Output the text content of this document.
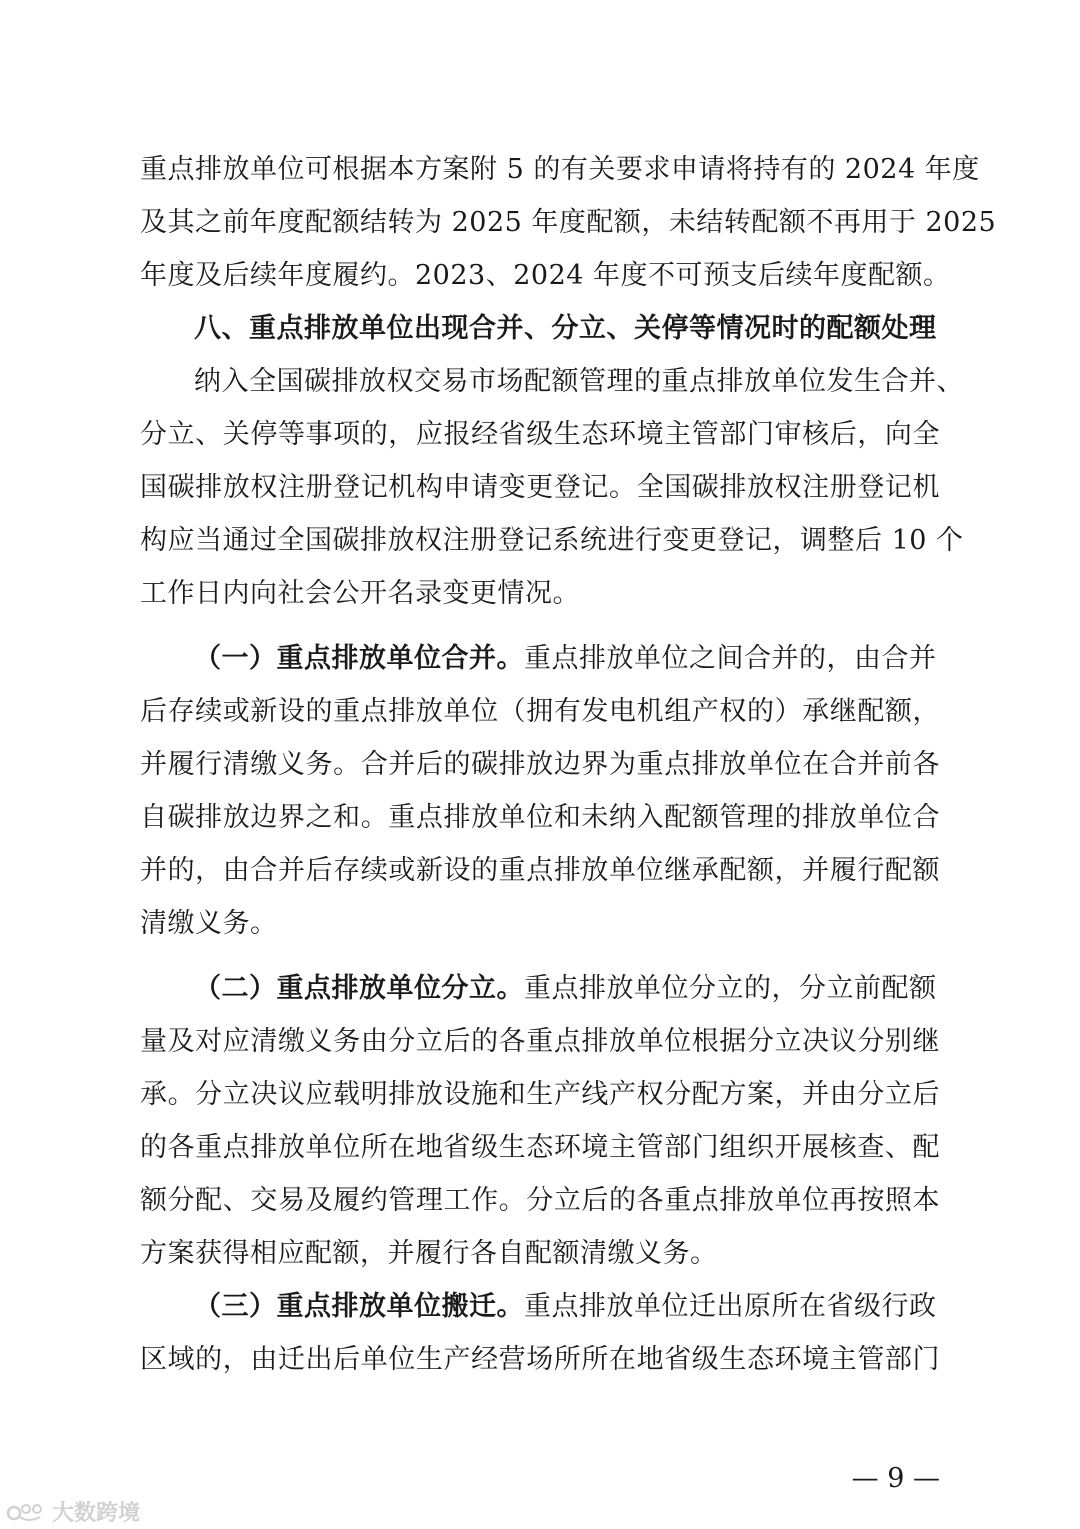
重点排放单位可根据本方案附 5 的有关要求申请将持有的 2024 年度
及其之前年度配额结转为 2025 年度配额，未结转配额不再用于 2025
年度及后续年度履约。2023、2024 年度不可预支后续年度配额。
八、重点排放单位出现合并、分立、关停等情况时的配额处理
纳入全国碳排放权交易市场配额管理的重点排放单位发生合并、
分立、关停等事项的，应报经省级生态环境主管部门审核后，向全
国碳排放权注册登记机构申请变更登记。全国碳排放权注册登记机
构应当通过全国碳排放权注册登记系统进行变更登记，调整后 10 个
工作日内向社会公开名录变更情况。
（一）重点排放单位合并。重点排放单位之间合并的，由合并
后存续或新设的重点排放单位（拥有发电机组产权的）承继配额，
并履行清缴义务。合并后的碳排放边界为重点排放单位在合并前各
自碳排放边界之和。重点排放单位和未纳入配额管理的排放单位合
并的，由合并后存续或新设的重点排放单位继承配额，并履行配额
清缴义务。
（二）重点排放单位分立。重点排放单位分立的，分立前配额
量及对应清缴义务由分立后的各重点排放单位根据分立决议分别继
承。分立决议应载明排放设施和生产线产权分配方案，并由分立后
的各重点排放单位所在地省级生态环境主管部门组织开展核查、配
额分配、交易及履约管理工作。分立后的各重点排放单位再按照本
方案获得相应配额，并履行各自配额清缴义务。
（三）重点排放单位搬迁。重点排放单位迁出原所在省级行政
区域的，由迁出后单位生产经营场所所在地省级生态环境主管部门
— 9 —
大数跨境
